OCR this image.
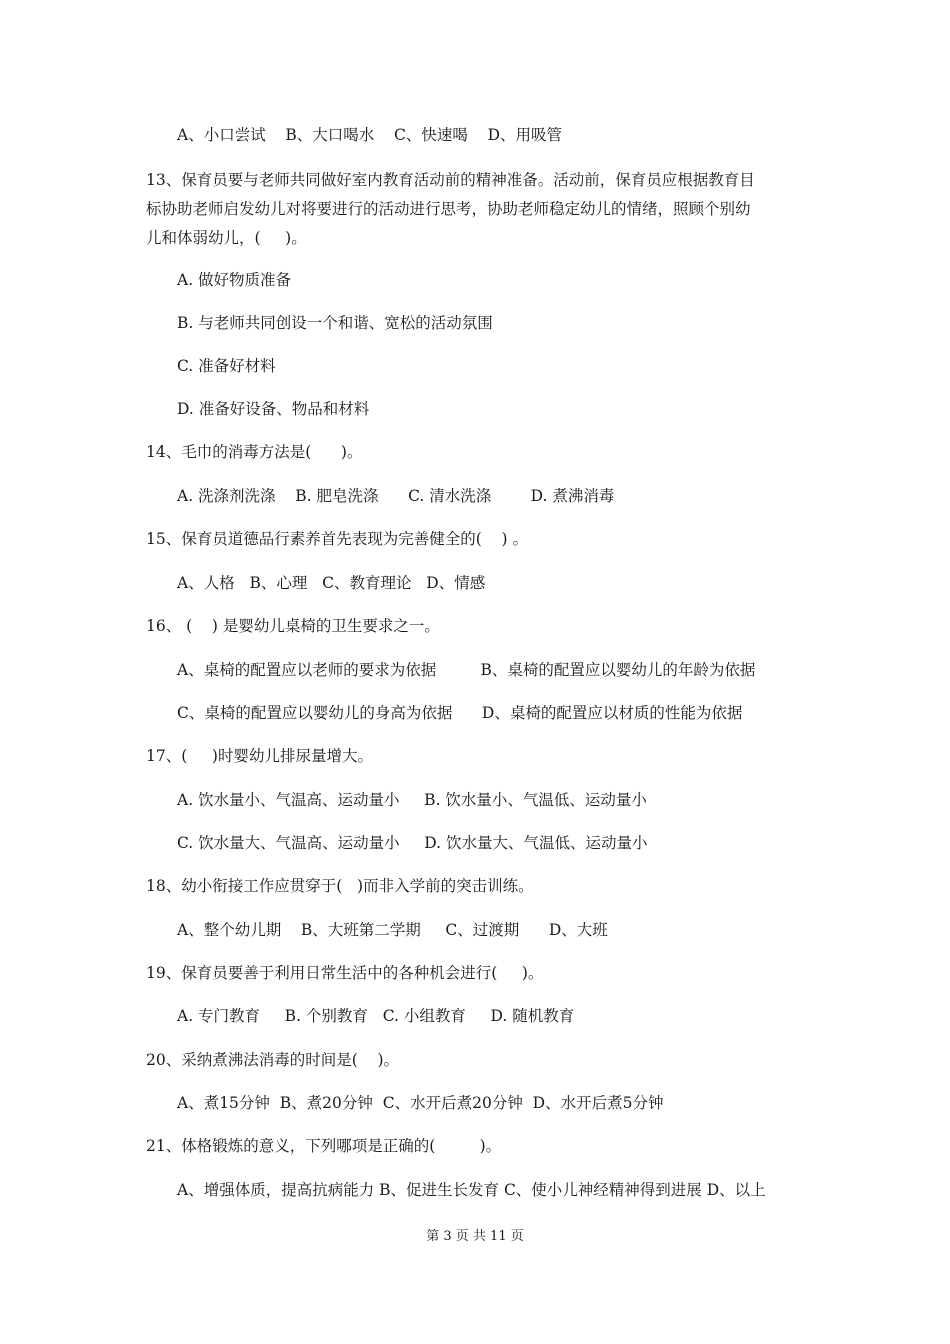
A、小口尝试    B、大口喝水    C、快速喝    D、用吸管
13、保育员要与老师共同做好室内教育活动前的精神准备。活动前，保育员应根据教育目
标协助老师启发幼儿对将要进行的活动进行思考，协助老师稳定幼儿的情绪，照顾个别幼
儿和体弱幼儿，(     )。
A. 做好物质准备
B. 与老师共同创设一个和谐、宽松的活动氛围
C. 准备好材料
D. 准备好设备、物品和材料
14、毛巾的消毒方法是(      )。
A. 洗涤剂洗涤    B. 肥皂洗涤      C. 清水洗涤        D. 煮沸消毒
15、保育员道德品行素养首先表现为完善健全的(    ) 。
A、人格   B、心理   C、教育理论   D、情感
16、 (    ) 是婴幼儿桌椅的卫生要求之一。
A、桌椅的配置应以老师的要求为依据         B、桌椅的配置应以婴幼儿的年龄为依据
C、桌椅的配置应以婴幼儿的身高为依据      D、桌椅的配置应以材质的性能为依据
17、(     )时婴幼儿排尿量增大。
A. 饮水量小、气温高、运动量小     B. 饮水量小、气温低、运动量小
C. 饮水量大、气温高、运动量小     D. 饮水量大、气温低、运动量小
18、幼小衔接工作应贯穿于(   )而非入学前的突击训练。
A、整个幼儿期    B、大班第二学期     C、过渡期      D、大班
19、保育员要善于利用日常生活中的各种机会进行(     )。
A. 专门教育     B. 个别教育   C. 小组教育     D. 随机教育
20、采纳煮沸法消毒的时间是(    )。
A、煮15分钟  B、煮20分钟  C、水开后煮20分钟  D、水开后煮5分钟
21、体格锻炼的意义，下列哪项是正确的(         )。
A、增强体质，提高抗病能力 B、促进生长发育 C、使小儿神经精神得到进展 D、以上
第 3 页 共 11 页
